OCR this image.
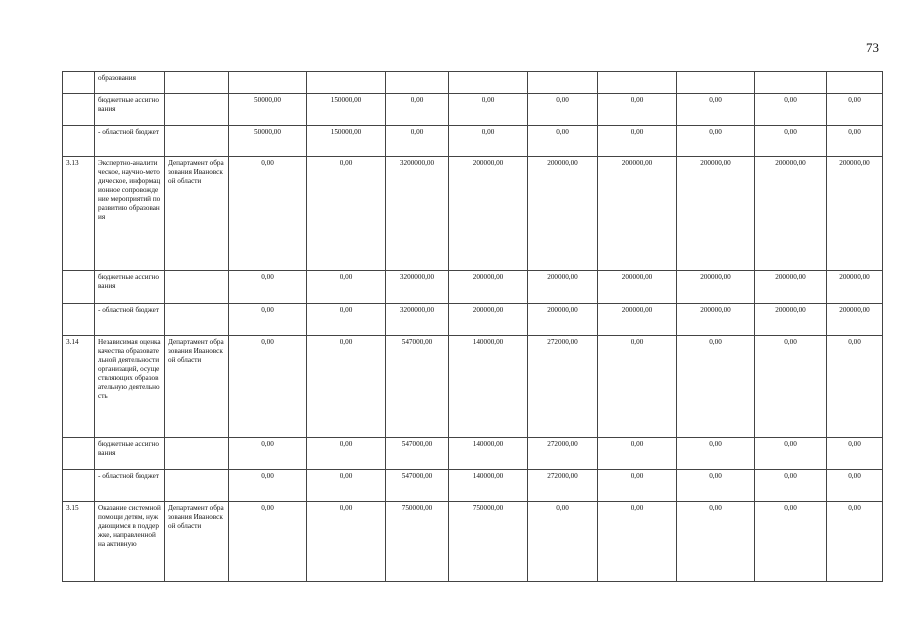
73
	образования										
	бюджетные ассигнования		50000,00	150000,00	0,00	0,00	0,00	0,00	0,00	0,00	0,00
	- областной бюджет		50000,00	150000,00	0,00	0,00	0,00	0,00	0,00	0,00	0,00
3.13	Экспертно-аналитическое, научно-методическое, информационное сопровождение мероприятий по развитию образования	Департамент образования Ивановской области	0,00	0,00	3200000,00	200000,00	200000,00	200000,00	200000,00	200000,00	200000,00
	бюджетные ассигнования		0,00	0,00	3200000,00	200000,00	200000,00	200000,00	200000,00	200000,00	200000,00
	- областной бюджет		0,00	0,00	3200000,00	200000,00	200000,00	200000,00	200000,00	200000,00	200000,00
3.14	Независимая оценка качества образовательной деятельности организаций, осуществляющих образовательную деятельность	Департамент образования Ивановской области	0,00	0,00	547000,00	140000,00	272000,00	0,00	0,00	0,00	0,00
	бюджетные ассигнования		0,00	0,00	547000,00	140000,00	272000,00	0,00	0,00	0,00	0,00
	- областной бюджет		0,00	0,00	547000,00	140000,00	272000,00	0,00	0,00	0,00	0,00
3.15	Оказание системной помощи детям, нуждающимся в поддержке, направленной на активную	Департамент образования Ивановской области	0,00	0,00	750000,00	750000,00	0,00	0,00	0,00	0,00	0,00
